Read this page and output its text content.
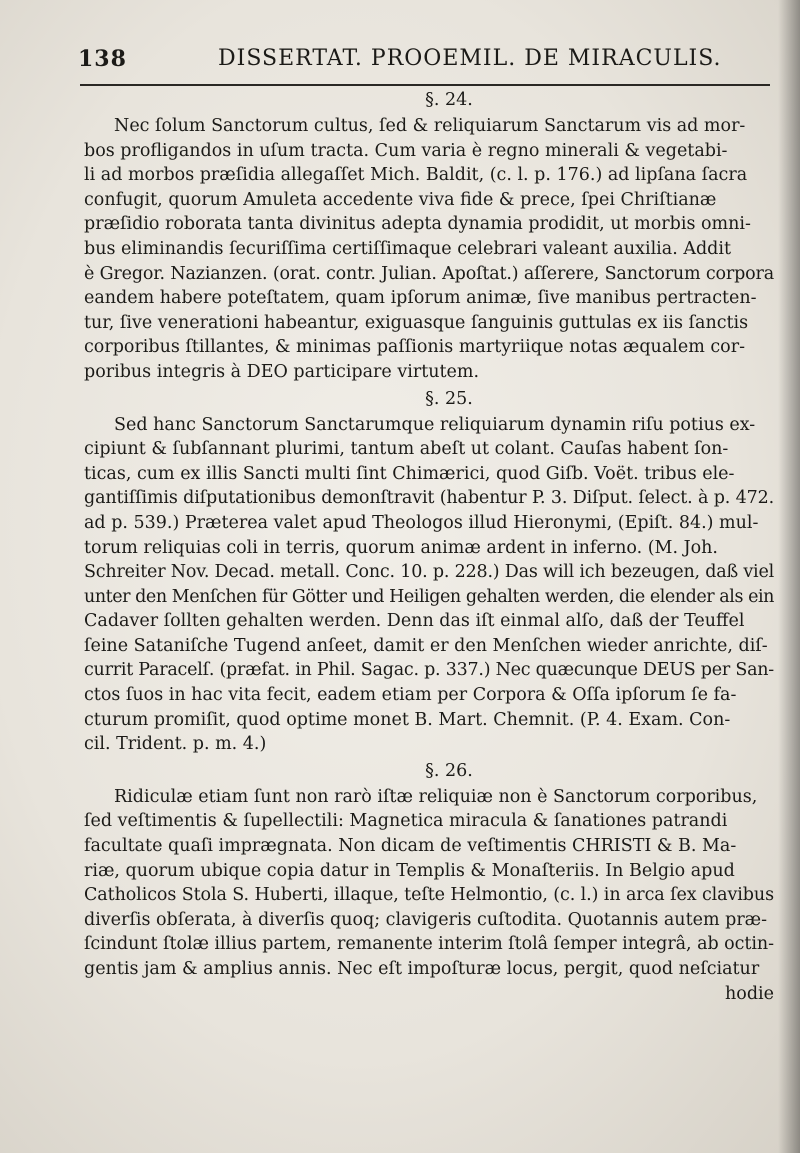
138	DISSERTAT. PROOEMIL. DE MIRACULIS.
§. 24.
Nec ſolum Sanctorum cultus, ſed & reliquiarum Sanctarum vis ad mor-
bos profligandos in uſum tracta. Cum varia è regno minerali & vegetabi-
li ad morbos præſidia allegaſſet Mich. Baldit, (c. l. p. 176.) ad lipſana ſacra
confugit, quorum Amuleta accedente viva fide & prece, ſpei Chriſtianæ
præſidio roborata tanta divinitus adepta dynamia prodidit, ut morbis omni-
bus eliminandis ſecuriſſima certiſſimaque celebrari valeant auxilia. Addit
è Gregor. Nazianzen. (orat. contr. Julian. Apoſtat.) aſſerere, Sanctorum corpora
eandem habere poteſtatem, quam ipſorum animæ, ſive manibus pertracten-
tur, ſive venerationi habeantur, exiguasque ſanguinis guttulas ex iis ſanctis
corporibus ſtillantes, & minimas paſſionis martyriique notas æqualem cor-
poribus integris à DEO participare virtutem.
§. 25.
Sed hanc Sanctorum Sanctarumque reliquiarum dynamin riſu potius ex-
cipiunt & ſubſannant plurimi, tantum abeſt ut colant. Cauſas habent ſon-
ticas, cum ex illis Sancti multi ſint Chimærici, quod Giſb. Voët. tribus ele-
gantiſſimis diſputationibus demonſtravit (habentur P. 3. Diſput. ſelect. à p. 472.
ad p. 539.) Præterea valet apud Theologos illud Hieronymi, (Epiſt. 84.) mul-
torum reliquias coli in terris, quorum animæ ardent in inferno. (M. Joh.
Schreiter Nov. Decad. metall. Conc. 10. p. 228.) Das will ich bezeugen, daß viel
unter den Menſchen für Götter und Heiligen gehalten werden, die elender als ein
Cadaver ſollten gehalten werden. Denn das iſt einmal alſo, daß der Teuffel
ſeine Sataniſche Tugend anſeet, damit er den Menſchen wieder anrichte, diſ-
currit Paracelſ. (præfat. in Phil. Sagac. p. 337.) Nec quæcunque DEUS per San-
ctos ſuos in hac vita fecit, eadem etiam per Corpora & Oſſa ipſorum ſe fa-
cturum promiſit, quod optime monet B. Mart. Chemnit. (P. 4. Exam. Con-
cil. Trident. p. m. 4.)
§. 26.
Ridiculæ etiam ſunt non rarò iſtæ reliquiæ non è Sanctorum corporibus,
ſed veſtimentis & ſupellectili: Magnetica miracula & ſanationes patrandi
facultate quaſi imprægnata. Non dicam de veſtimentis CHRISTI & B. Ma-
riæ, quorum ubique copia datur in Templis & Monaſteriis. In Belgio apud
Catholicos Stola S. Huberti, illaque, teſte Helmontio, (c. l.) in arca ſex clavibus
diverſis obſerata, à diverſis quoq; clavigeris cuſtodita. Quotannis autem præ-
ſcindunt ſtolæ illius partem, remanente interim ſtolâ ſemper integrâ, ab octin-
gentis jam & amplius annis. Nec eſt impoſturæ locus, pergit, quod neſciatur
hodie
